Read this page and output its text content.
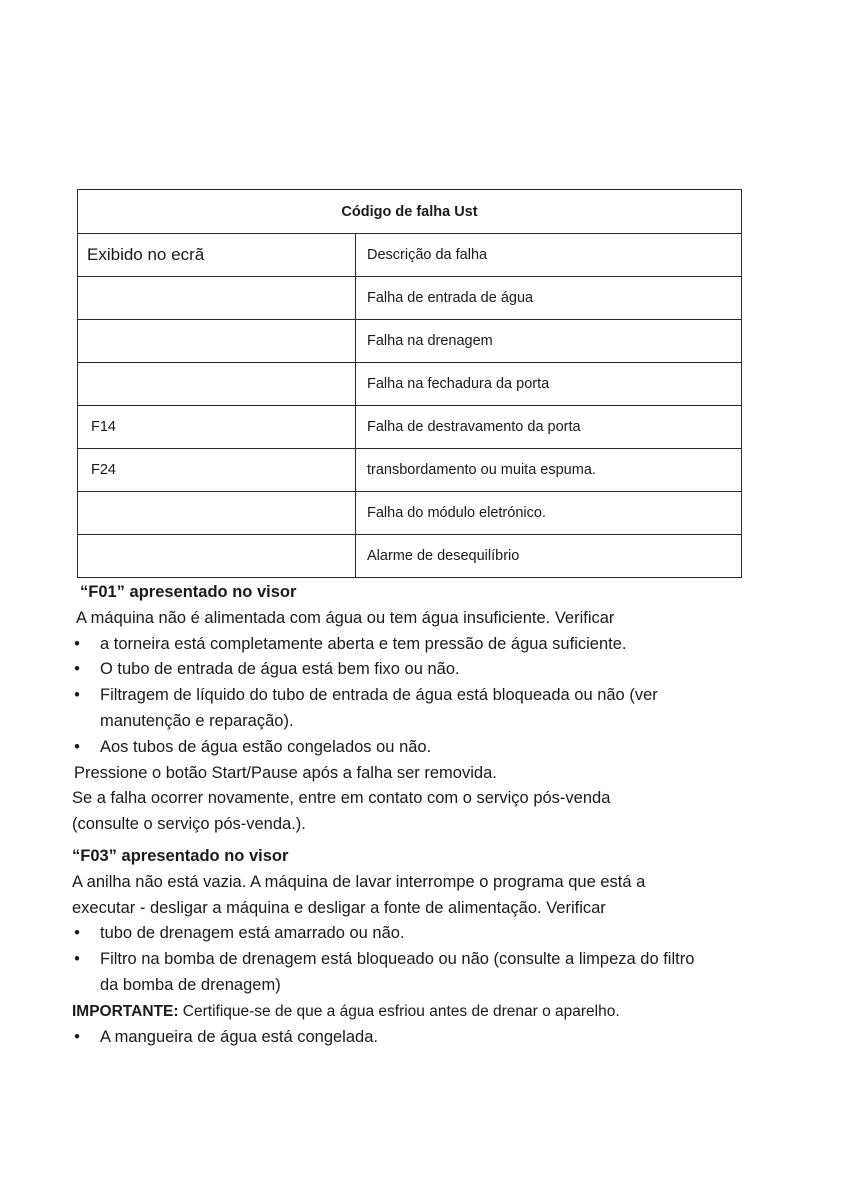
Código de falha Ust	
Exibido no ecrã	Descrição da falha
	Falha de entrada de água
	Falha na drenagem
	Falha na fechadura da porta
F14	Falha de destravamento da porta
F24	transbordamento ou muita espuma.
	Falha do módulo eletrónico.
	Alarme de desequilíbrio
“F01” apresentado no visor
A máquina não é alimentada com água ou tem água insuficiente. Verificar
• a torneira está completamente aberta e tem pressão de água suficiente.
• O tubo de entrada de água está bem fixo ou não.
• Filtragem de líquido do tubo de entrada de água está bloqueada ou não (ver
manutenção e reparação).
• Aos tubos de água estão congelados ou não.
Pressione o botão Start/Pause após a falha ser removida.
Se a falha ocorrer novamente, entre em contato com o serviço pós-venda
(consulte o serviço pós-venda.).
“F03” apresentado no visor
A anilha não está vazia. A máquina de lavar interrompe o programa que está a
executar - desligar a máquina e desligar a fonte de alimentação. Verificar
• tubo de drenagem está amarrado ou não.
• Filtro na bomba de drenagem está bloqueado ou não (consulte a limpeza do filtro
da bomba de drenagem)
IMPORTANTE: Certifique-se de que a água esfriou antes de drenar o aparelho.
• A mangueira de água está congelada.
